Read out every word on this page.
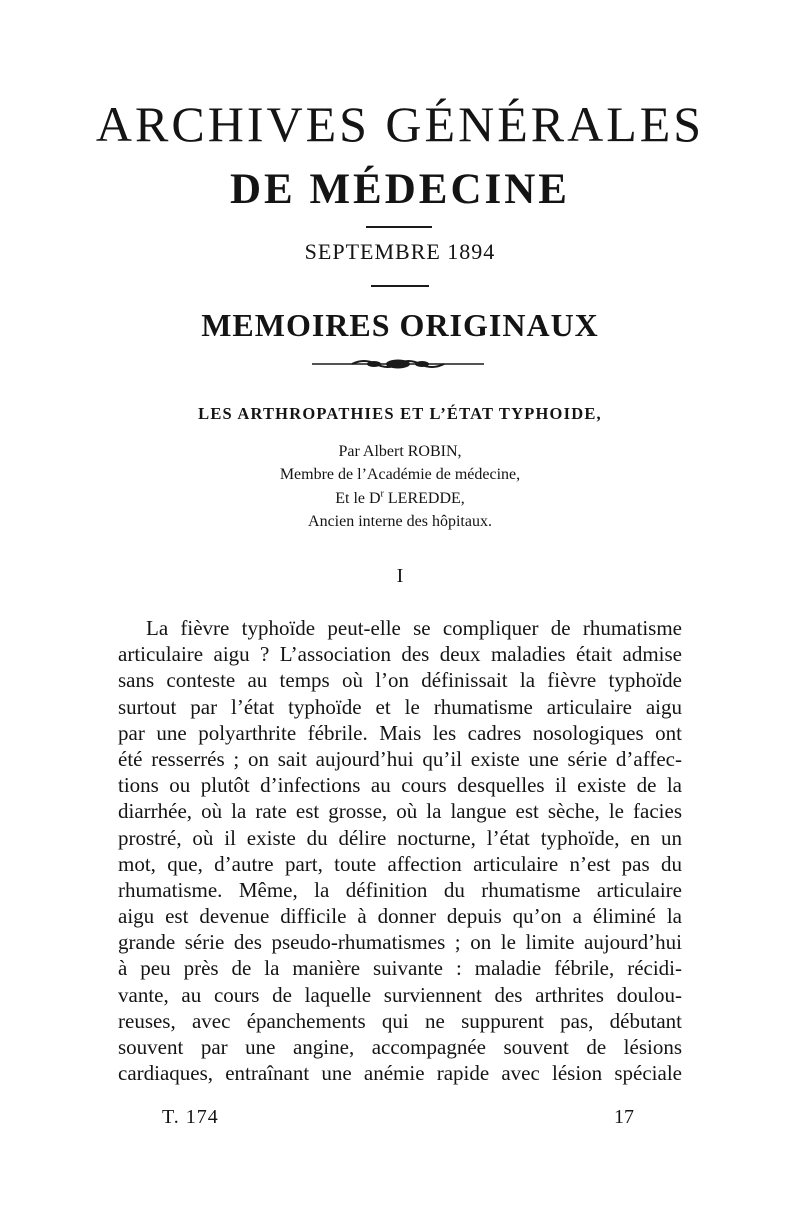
ARCHIVES GÉNÉRALES
DE MÉDECINE
SEPTEMBRE 1894
MEMOIRES ORIGINAUX
LES ARTHROPATHIES ET L’ÉTAT TYPHOIDE,
Par Albert ROBIN,
Membre de l’Académie de médecine,
Et le $D^r$ LEREDDE,
Ancien interne des hôpitaux.
I
La fièvre typhoïde peut-elle se compliquer de rhumatisme
articulaire aigu ? L’association des deux maladies était admise
sans conteste au temps où l’on définissait la fièvre typhoïde
surtout par l’état typhoïde et le rhumatisme articulaire aigu
par une polyarthrite fébrile. Mais les cadres nosologiques ont
été resserrés ; on sait aujourd’hui qu’il existe une série d’affec-
tions ou plutôt d’infections au cours desquelles il existe de la
diarrhée, où la rate est grosse, où la langue est sèche, le facies
prostré, où il existe du délire nocturne, l’état typhoïde, en un
mot, que, d’autre part, toute affection articulaire n’est pas du
rhumatisme. Même, la définition du rhumatisme articulaire
aigu est devenue difficile à donner depuis qu’on a éliminé la
grande série des pseudo-rhumatismes ; on le limite aujourd’hui
à peu près de la manière suivante : maladie fébrile, récidi-
vante, au cours de laquelle surviennent des arthrites doulou-
reuses, avec épanchements qui ne suppurent pas, débutant
souvent par une angine, accompagnée souvent de lésions
cardiaques, entraînant une anémie rapide avec lésion spéciale
T. 174	17
